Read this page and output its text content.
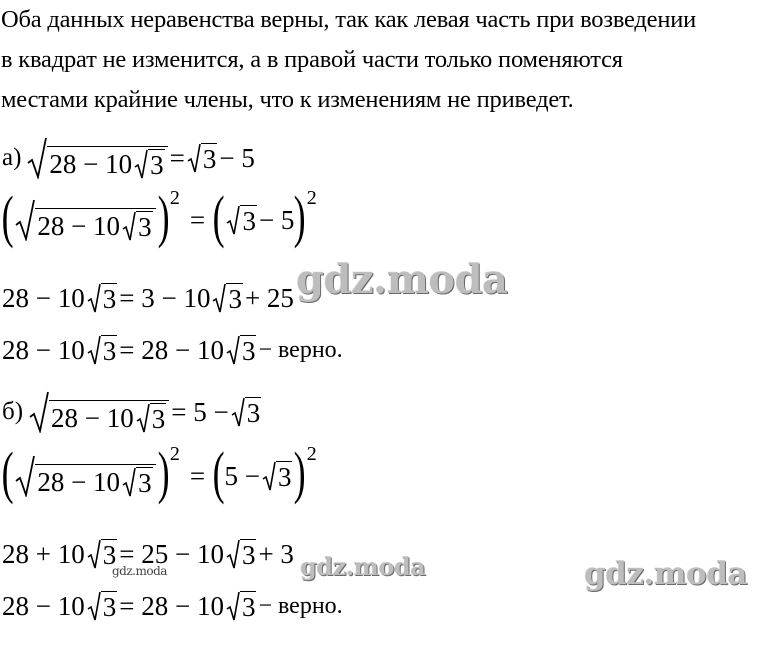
Оба данных неравенства верны, так как левая часть при возведении
в квадрат не изменится, а в правой части только поменяются
местами крайние члены, что к изменениям не приведет.
а) 28 − 10 3 = 3 − 5
( 28 − 10 3 ) 2
= ( 3 − 5 ) 2
28 − 10 3 = 3 − 10 3 + 25
28 − 10 3 = 28 − 10 3 − верно.
б) 28 − 10 3 = 5 − 3
( 28 − 10 3 ) 2
= ( 5 − 3 ) 2
28 + 10 3 = 25 − 10 3 + 3
28 − 10 3 = 28 − 10 3 − верно.
gdz.moda
gdz.moda	gdz.moda
gdz.moda
